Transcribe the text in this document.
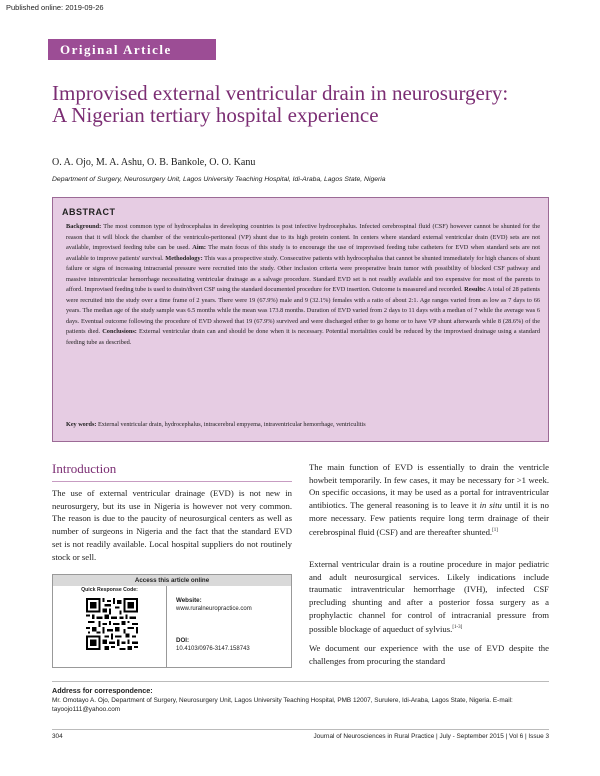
Published online: 2019-09-26
Original Article
Improvised external ventricular drain in neurosurgery: A Nigerian tertiary hospital experience
O. A. Ojo, M. A. Ashu, O. B. Bankole, O. O. Kanu
Department of Surgery, Neurosurgery Unit, Lagos University Teaching Hospital, Idi-Araba, Lagos State, Nigeria
ABSTRACT
Background: The most common type of hydrocephalus in developing countries is post infective hydrocephalus. Infected cerebrospinal fluid (CSF) however cannot be shunted for the reason that it will block the chamber of the ventriculo-peritoneal (VP) shunt due to its high protein content. In centers where standard external ventricular drain (EVD) sets are not available, improvised feeding tube can be used. Aim: The main focus of this study is to encourage the use of improvised feeding tube catheters for EVD when standard sets are not available to improve patients' survival. Methodology: This was a prospective study. Consecutive patients with hydrocephalus that cannot be shunted immediately for high chances of shunt failure or signs of increasing intracranial pressure were recruited into the study. Other inclusion criteria were preoperative brain tumor with possibility of blocked CSF pathway and massive intraventricular hemorrhage necessitating ventricular drainage as a salvage procedure. Standard EVD set is not readily available and too expensive for most of the parents to afford. Improvised feeding tube is used to drain/divert CSF using the standard documented procedure for EVD insertion. Outcome is measured and recorded. Results: A total of 28 patients were recruited into the study over a time frame of 2 years. There were 19 (67.9%) male and 9 (32.1%) females with a ratio of about 2:1. Age ranges varied from as low as 7 days to 66 years. The median age of the study sample was 6.5 months while the mean was 173.8 months. Duration of EVD varied from 2 days to 11 days with a median of 7 while the average was 6 days. Eventual outcome following the procedure of EVD showed that 19 (67.9%) survived and were discharged either to go home or to have VP shunt afterwards while 8 (28.6%) of the patients died. Conclusions: External ventricular drain can and should be done when it is necessary. Potential mortalities could be reduced by the improvised drainage using a standard feeding tube as described.
Key words: External ventricular drain, hydrocephalus, intracerebral empyema, intraventricular hemorrhage, ventriculitis
Introduction
The use of external ventricular drainage (EVD) is not new in neurosurgery, but its use in Nigeria is however not very common. The reason is due to the paucity of neurosurgical centers as well as number of surgeons in Nigeria and the fact that the standard EVD set is not readily available. Local hospital suppliers do not routinely stock or sell.
The main function of EVD is essentially to drain the ventricle howbeit temporarily. In few cases, it may be necessary for >1 week. On specific occasions, it may be used as a portal for intraventricular antibiotics. The general reasoning is to leave it in situ until it is no more necessary. Few patients require long term drainage of their cerebrospinal fluid (CSF) and are thereafter shunted.[1]
External ventricular drain is a routine procedure in major pediatric and adult neurosurgical services. Likely indications include traumatic intraventricular hemorrhage (IVH), infected CSF precluding shunting and after a posterior fossa surgery as a prophylactic channel for control of intracranial pressure from possible blockage of aqueduct of sylvius.[1-3]
We document our experience with the use of EVD despite the challenges from procuring the standard
Access this article online
Quick Response Code:
Website:
www.ruralneuropractice.com
DOI:
10.4103/0976-3147.158743
Address for correspondence:
Mr. Omotayo A. Ojo, Department of Surgery, Neurosurgery Unit, Lagos University Teaching Hospital, PMB 12007, Surulere, Idi-Araba, Lagos State, Nigeria. E-mail: tayoojo111@yahoo.com
304	Journal of Neurosciences in Rural Practice | July - September 2015 | Vol 6 | Issue 3
